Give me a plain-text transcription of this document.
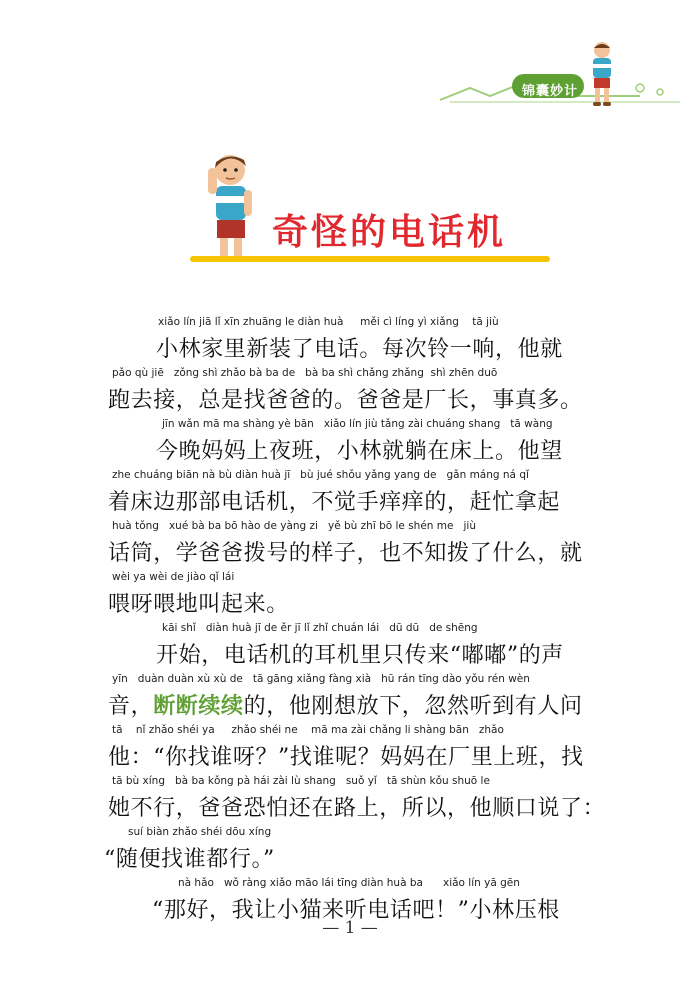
锦囊妙计
奇怪的电话机
xiǎo lín jiā lǐ xīn zhuāng le diàn huà     měi cì líng yì xiǎng    tā jiù
小林家里新装了电话。每次铃一响，他就
pǎo qù jiē   zǒng shì zhǎo bà ba de   bà ba shì chǎng zhǎng  shì zhēn duō
跑去接，总是找爸爸的。爸爸是厂长，事真多。
jīn wǎn mā ma shàng yè bān   xiǎo lín jiù tǎng zài chuáng shang   tā wàng
今晚妈妈上夜班，小林就躺在床上。他望
zhe chuáng biān nà bù diàn huà jī   bù jué shǒu yǎng yang de   gǎn máng ná qǐ
着床边那部电话机，不觉手痒痒的，赶忙拿起
huà tǒng   xué bà ba bō hào de yàng zi   yě bù zhī bō le shén me   jiù
话筒，学爸爸拨号的样子，也不知拨了什么，就
wèi ya wèi de jiào qǐ lái
喂呀喂地叫起来。
kāi shǐ   diàn huà jī de ěr jī lǐ zhǐ chuán lái   dū dū   de shēng
开始，电话机的耳机里只传来“嘟嘟”的声
yīn   duàn duàn xù xù de   tā gāng xiǎng fàng xià   hū rán tīng dào yǒu rén wèn
音，断断续续的，他刚想放下，忽然听到有人问
tā    nǐ zhǎo shéi ya     zhǎo shéi ne    mā ma zài chǎng li shàng bān   zhǎo
他：“你找谁呀？”找谁呢？妈妈在厂里上班，找
tā bù xíng   bà ba kǒng pà hái zài lù shang   suǒ yǐ   tā shùn kǒu shuō le
她不行，爸爸恐怕还在路上，所以，他顺口说了：
suí biàn zhǎo shéi dōu xíng
“随便找谁都行。”
nà hǎo   wǒ ràng xiǎo māo lái tīng diàn huà ba      xiǎo lín yā gēn
“那好，我让小猫来听电话吧！”小林压根
— 1 —
